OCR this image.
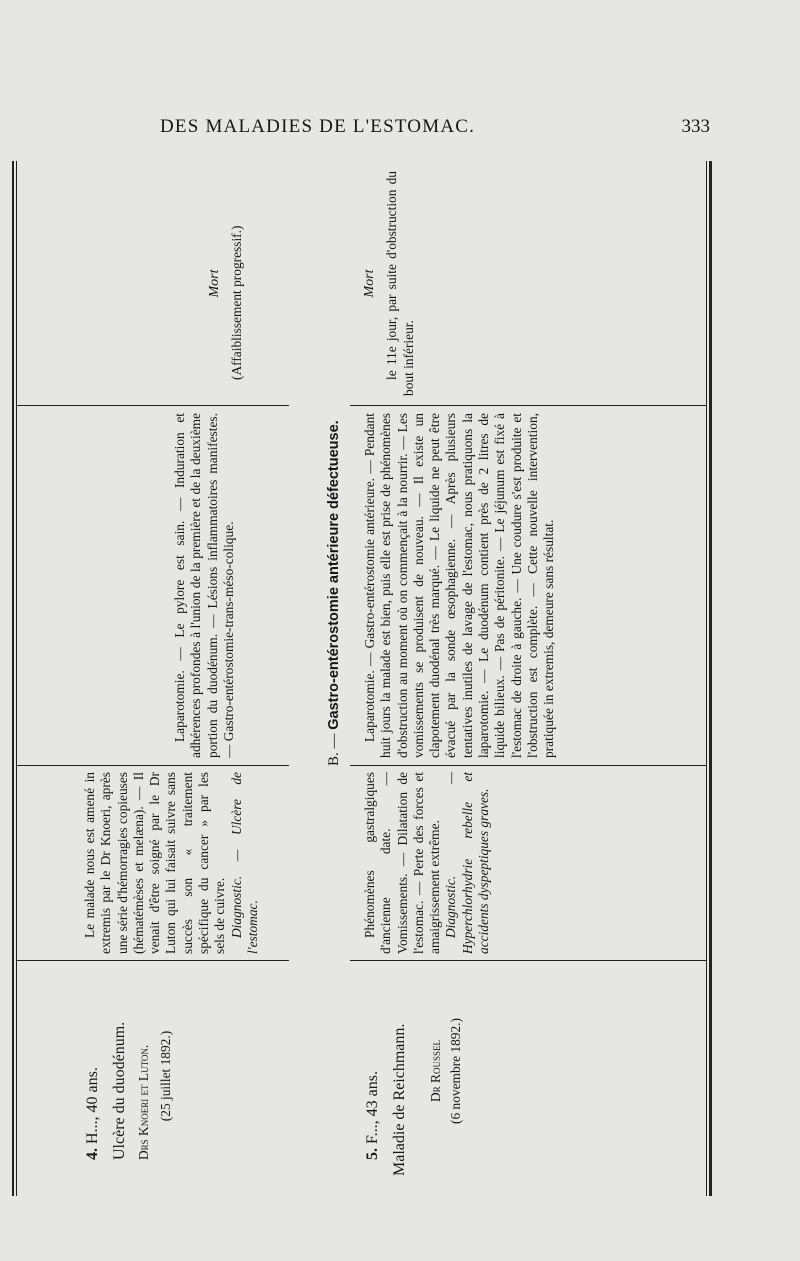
DES MALADIES DE L'ESTOMAC.	333

4. H..., 40 ans. Ulcère du duodénum. Drs Knoeri et Luton. (25 juillet 1892.)

Le malade nous est amené in extremis par le Dr Knoeri, après une série d'hémorragies copieuses (hématémèses et melæna). — Il venait d'être soigné par le Dr Luton qui lui faisait suivre sans succès son « traitement spécifique du cancer » par les sels de cuivre. Diagnostic. — Ulcère de l'estomac.

Laparotomie. — Le pylore est sain. — Induration et adhérences profondes à l'union de la première et de la deuxième portion du duodénum. — Lésions inflammatoires manifestes. — Gastro-entérostomie-trans-méso-colique.

Mort (Affaiblissement progressif.)

B. — Gastro-entérostomie antérieure défectueuse.

5. F..., 43 ans. Maladie de Reichmann. Dr Roussel (6 novembre 1892.)

Phénomènes gastralgiques d'ancienne date. — Vomissements. — Dilatation de l'estomac. — Perte des forces et amaigrissement extrême. Diagnostic. — Hyperchlorhydrie rebelle et accidents dyspeptiques graves.

Laparotomie. — Gastro-entérostomie antérieure. — Pendant huit jours la malade est bien, puis elle est prise de phénomènes d'obstruction au moment où on commençait à la nourrir. — Les vomissements se produisent de nouveau. — Il existe un clapotement duodénal très marqué. — Le liquide ne peut être évacué par la sonde œsophagienne. — Après plusieurs tentatives inutiles de lavage de l'estomac, nous pratiquons la laparotomie. — Le duodénum contient près de 2 litres de liquide bilieux. — Pas de péritonite. — Le jéjunum est fixé à l'estomac de droite à gauche. — Une coudure s'est produite et l'obstruction est complète. — Cette nouvelle intervention, pratiquée in extremis, demeure sans résultat.

Mort le 11e jour, par suite d'obstruction du bout inférieur.
